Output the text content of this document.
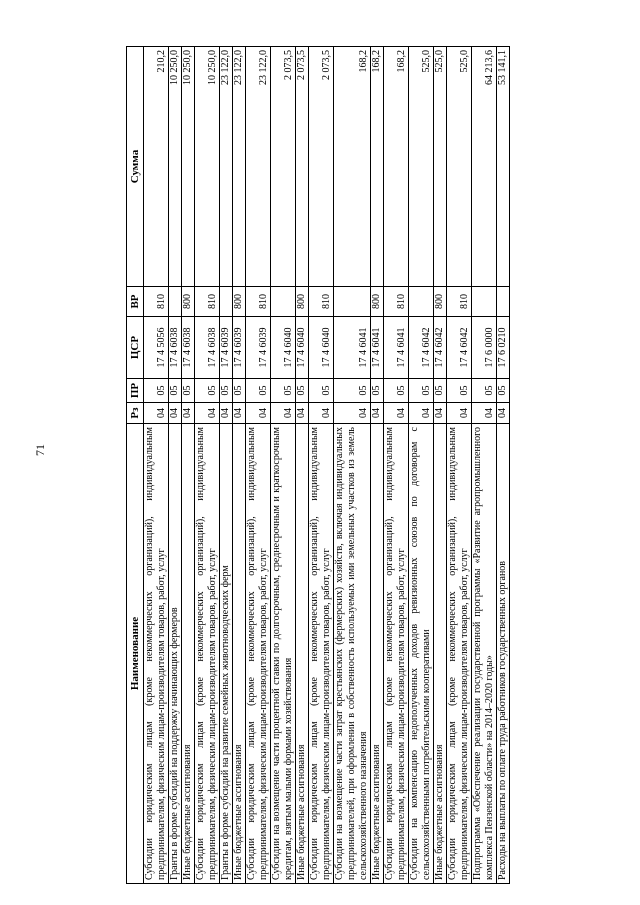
71
Наименование	Рз	ПР	ЦСР	ВР	Сумма
Субсидии юридическим лицам (кроме некоммерческих организаций), индивидуальным предпринимателям, физическим лицам-производителям товаров, работ, услуг	04	05	17 4 5056	810	210,2
Гранты в форме субсидий на поддержку начинающих фермеров	04	05	17 4 6038		10 250,0
Иные бюджетные ассигнования	04	05	17 4 6038	800	10 250,0
Субсидии юридическим лицам (кроме некоммерческих организаций), индивидуальным предпринимателям, физическим лицам-производителям товаров, работ, услуг	04	05	17 4 6038	810	10 250,0
Гранты в форме субсидий на развитие семейных животноводческих ферм	04	05	17 4 6039		23 122,0
Иные бюджетные ассигнования	04	05	17 4 6039	800	23 122,0
Субсидии юридическим лицам (кроме некоммерческих организаций), индивидуальным предпринимателям, физическим лицам-производителям товаров, работ, услуг	04	05	17 4 6039	810	23 122,0
Субсидии на возмещение части процентной ставки по долгосрочным, среднесрочным и краткосрочным кредитам, взятым малыми формами хозяйствования	04	05	17 4 6040		2 073,5
Иные бюджетные ассигнования	04	05	17 4 6040	800	2 073,5
Субсидии юридическим лицам (кроме некоммерческих организаций), индивидуальным предпринимателям, физическим лицам-производителям товаров, работ, услуг	04	05	17 4 6040	810	2 073,5
Субсидии на возмещение части затрат крестьянских (фермерских) хозяйств, включая индивидуальных предпринимателей, при оформлении в собственность используемых ими земельных участков из земель сельскохозяйственного назначения	04	05	17 4 6041		168,2
Иные бюджетные ассигнования	04	05	17 4 6041	800	168,2
Субсидии юридическим лицам (кроме некоммерческих организаций), индивидуальным предпринимателям, физическим лицам-производителям товаров, работ, услуг	04	05	17 4 6041	810	168,2
Субсидии на компенсацию недополученных доходов ревизионных союзов по договорам с сельскохозяйственными потребительскими кооперативами	04	05	17 4 6042		525,0
Иные бюджетные ассигнования	04	05	17 4 6042	800	525,0
Субсидии юридическим лицам (кроме некоммерческих организаций), индивидуальным предпринимателям, физическим лицам-производителям товаров, работ, услуг	04	05	17 4 6042	810	525,0
Подпрограмма «Обеспечение реализации государственной программы «Развитие агропромышленного комплекса Пензенской области» на 2014–2020 годы»	04	05	17 6 0000		64 213,6
Расходы на выплаты по оплате труда работников государственных органов	04	05	17 6 0210		53 141,1
